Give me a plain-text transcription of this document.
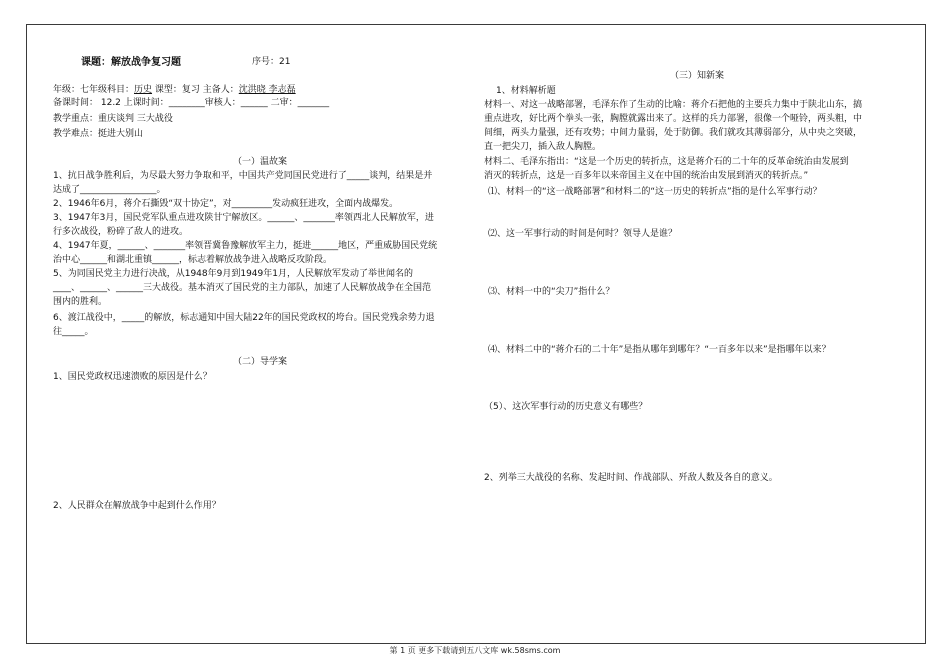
课题：解放战争复习题	序号：21
年级：七年级科目：历史 课型：复习 主备人：沈洪晓 李志磊
备课时间： 12.2 上课时间：________审核人：______ 二审：_______
教学重点：重庆谈判 三大战役
教学难点：挺进大别山
（一）温故案
1、抗日战争胜利后，为尽最大努力争取和平，中国共产党同国民党进行了_____谈判，结果是并
达成了_________________。
2、1946年6月，蒋介石撕毁“双十协定”，对_________发动疯狂进攻，全面内战爆发。
3、1947年3月，国民党军队重点进攻陕甘宁解放区。______、_______率领西北人民解放军，进
行多次战役，粉碎了敌人的进攻。
4、1947年夏，______、_______率领晋冀鲁豫解放军主力，挺进______地区，严重威胁国民党统
治中心______和湖北重镇______，标志着解放战争进入战略反攻阶段。
5、为同国民党主力进行决战，从1948年9月到1949年1月，人民解放军发动了举世闻名的
____、______、______三大战役。基本消灭了国民党的主力部队，加速了人民解放战争在全国范
围内的胜利。
6、渡江战役中，_____的解放，标志通知中国大陆22年的国民党政权的垮台。国民党残余势力退
往_____。
（二）导学案
1、国民党政权迅速溃败的原因是什么？
2、人民群众在解放战争中起到什么作用？
（三）知新案
1、材料解析题
材料一、对这一战略部署，毛泽东作了生动的比喻：蒋介石把他的主要兵力集中于陕北山东，搞
重点进攻，好比两个拳头一张，胸膛就露出来了。这样的兵力部署，很像一个哑铃，两头粗，中
间细，两头力量强，还有攻势；中间力量弱，处于防御。我们就攻其薄弱部分，从中央之突破，
直一把尖刀，插入敌人胸膛。
材料二、毛泽东指出：“这是一个历史的转折点，这是蒋介石的二十年的反革命统治由发展到
消灭的转折点，这是一百多年以来帝国主义在中国的统治由发展到消灭的转折点。”
⑴、材料一的“这一战略部署”和材料二的“这一历史的转折点”指的是什么军事行动？
⑵、这一军事行动的时间是何时？领导人是谁？
⑶、材料一中的“尖刀”指什么？
⑷、材料二中的“蒋介石的二十年”是指从哪年到哪年？“一百多年以来”是指哪年以来？
（5）、这次军事行动的历史意义有哪些？
2、列举三大战役的名称、发起时间、作战部队、歼敌人数及各自的意义。
第 1 页 更多下载请到五八文库 wk.58sms.com
